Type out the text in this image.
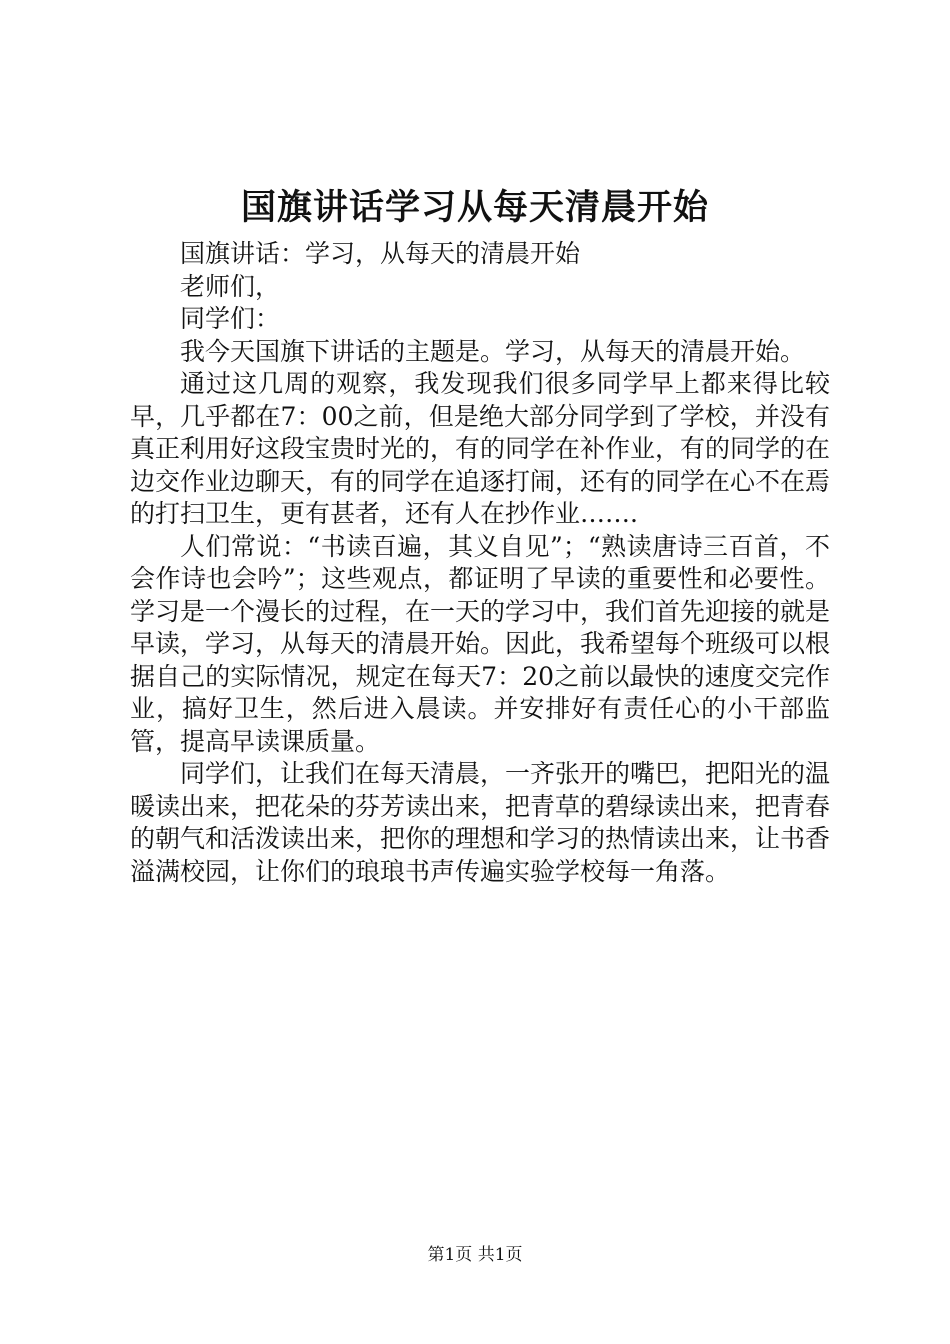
国旗讲话学习从每天清晨开始

国旗讲话：学习，从每天的清晨开始

老师们，

同学们：

我今天国旗下讲话的主题是。学习，从每天的清晨开始。

通过这几周的观察，我发现我们很多同学早上都来得比较早，几乎都在7：00之前，但是绝大部分同学到了学校，并没有真正利用好这段宝贵时光的，有的同学在补作业，有的同学的在边交作业边聊天，有的同学在追逐打闹，还有的同学在心不在焉的打扫卫生，更有甚者，还有人在抄作业…….

人们常说：“书读百遍，其义自见”；“熟读唐诗三百首，不会作诗也会吟”；这些观点，都证明了早读的重要性和必要性。学习是一个漫长的过程，在一天的学习中，我们首先迎接的就是早读，学习，从每天的清晨开始。因此，我希望每个班级可以根据自己的实际情况，规定在每天7：20之前以最快的速度交完作业，搞好卫生，然后进入晨读。并安排好有责任心的小干部监管，提高早读课质量。

同学们，让我们在每天清晨，一齐张开的嘴巴，把阳光的温暖读出来，把花朵的芬芳读出来，把青草的碧绿读出来，把青春的朝气和活泼读出来，把你的理想和学习的热情读出来，让书香溢满校园，让你们的琅琅书声传遍实验学校每一角落。

第1页 共1页
